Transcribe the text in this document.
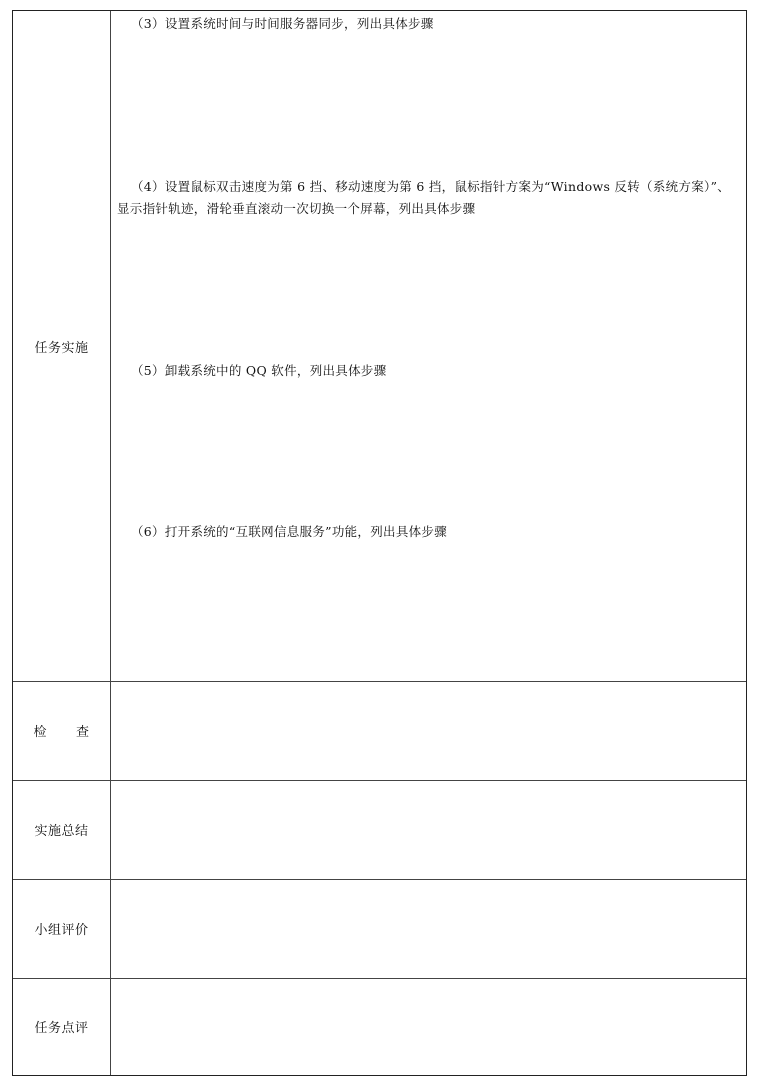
任务实施
（3）设置系统时间与时间服务器同步，列出具体步骤
（4）设置鼠标双击速度为第 6 挡、移动速度为第 6 挡，鼠标指针方案为“Windows 反转（系统方案）”、显示指针轨迹，滑轮垂直滚动一次切换一个屏幕，列出具体步骤
（5）卸载系统中的 QQ 软件，列出具体步骤
（6）打开系统的“互联网信息服务”功能，列出具体步骤
检 查
实施总结
小组评价
任务点评
